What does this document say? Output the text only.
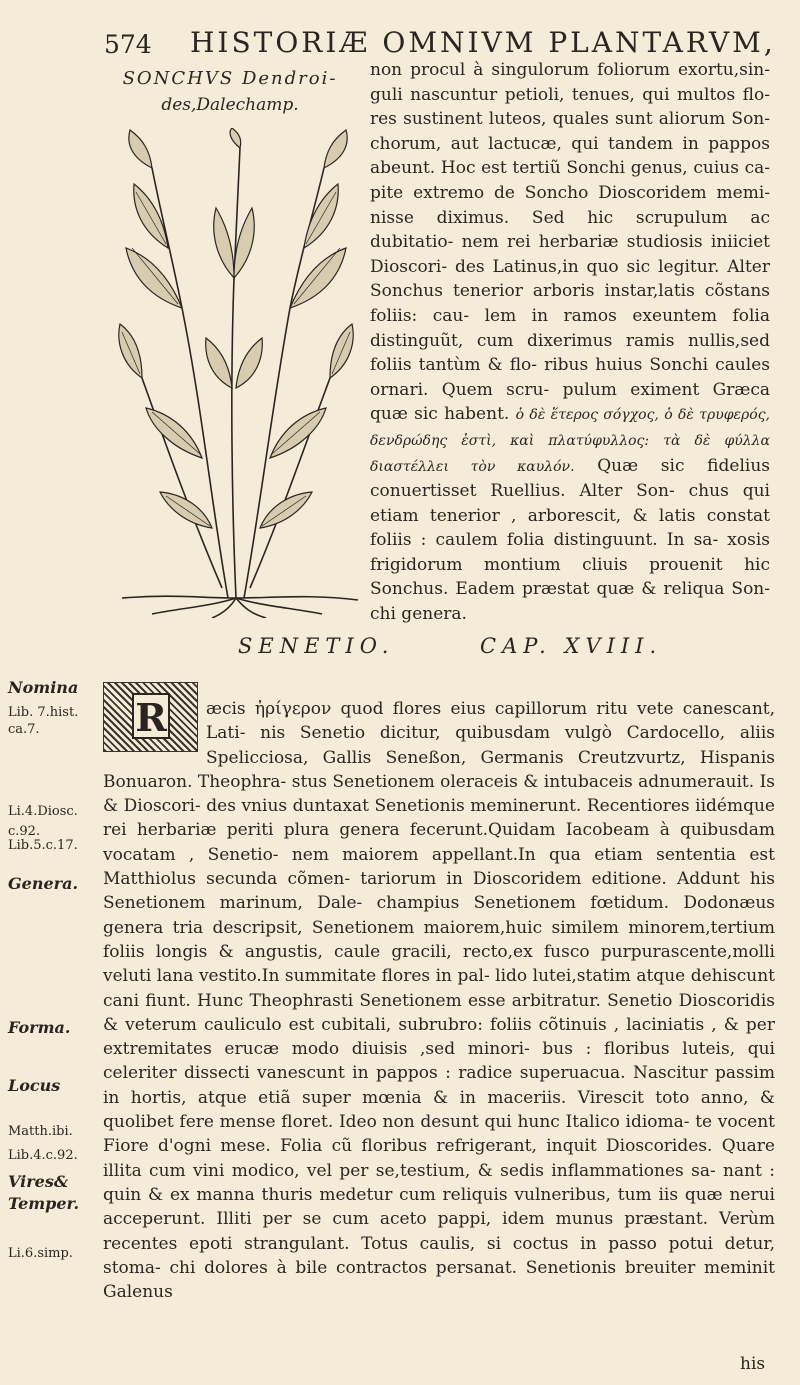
574 HISTORIÆ OMNIVM PLANTARVM,
SONCHVS Dendroi-
des,Dalechamp.

non procul à singulorum foliorum exortu,sin- guli nascuntur petioli, tenues, qui multos flo- res sustinent luteos, quales sunt aliorum Son- chorum, aut lactucæ, qui tandem in pappos abeunt. Hoc est tertiũ Sonchi genus, cuius ca- pite extremo de Soncho Dioscoridem memi- nisse diximus. Sed hic scrupulum ac dubitatio- nem rei herbariæ studiosis iniiciet Dioscori- des Latinus,in quo sic legitur. Alter Sonchus tenerior arboris instar,latis cõstans foliis: cau- lem in ramos exeuntem folia distinguũt, cum dixerimus ramis nullis,sed foliis tantùm & flo- ribus huius Sonchi caules ornari. Quem scru- pulum eximent Græca quæ sic habent. ὁ δὲ ἕτερος σόγχος, ὁ δὲ τρυφερός, δενδρώδης ἐστὶ, καὶ πλατύφυλλος: τὰ δὲ φύλλα διαστέλλει τὸν καυλόν. Quæ sic fidelius conuertisset Ruellius. Alter Son- chus qui etiam tenerior , arborescit, & latis constat foliis : caulem folia distinguunt. In sa- xosis frigidorum montium cliuis prouenit hic Sonchus. Eadem præstat quæ & reliqua Son- chi genera.

SENETIO.	CAP. XVIII.
Nomina
Lib. 7.hist.
ca.7.
Li.4.Diosc.
c.92.
Lib.5.c.17.
Genera.
Forma.
Locus
Matth.ibi.
Lib.4.c.92.
Vires&
Temper.
Li.6.simp.
R	æcis ἠρίγερον quod flores eius capillorum ritu vete canescant, Lati- nis Senetio dicitur, quibusdam vulgò Cardocello, aliis Spelicciosa, Gallis Seneßon, Germanis Creutzvurtz, Hispanis Bonuaron. Theophra- stus Senetionem oleraceis & intubaceis adnumerauit. Is & Dioscori- des vnius duntaxat Senetionis meminerunt. Recentiores iidémque rei herbariæ periti plura genera fecerunt.Quidam Iacobeam à quibusdam vocatam , Senetio- nem maiorem appellant.In qua etiam sententia est Matthiolus secunda cõmen- tariorum in Dioscoridem editione. Addunt his Senetionem marinum, Dale- champius Senetionem fœtidum. Dodonæus genera tria descripsit, Senetionem maiorem,huic similem minorem,tertium foliis longis & angustis, caule gracili, recto,ex fusco purpurascente,molli veluti lana vestito.In summitate flores in pal- lido lutei,statim atque dehiscunt cani fiunt. Hunc Theophrasti Senetionem esse arbitratur. Senetio Dioscoridis & veterum cauliculo est cubitali, subrubro: foliis cõtinuis , laciniatis , & per extremitates erucæ modo diuisis ,sed minori- bus : floribus luteis, qui celeriter dissecti vanescunt in pappos : radice superuacua. Nascitur passim in hortis, atque etiã super mœnia & in maceriis. Virescit toto anno, & quolibet fere mense floret. Ideo non desunt qui hunc Italico idioma- te vocent Fiore d'ogni mese. Folia cũ floribus refrigerant, inquit Dioscorides. Quare illita cum vini modico, vel per se,testium, & sedis inflammationes sa- nant : quin & ex manna thuris medetur cum reliquis vulneribus, tum iis quæ nerui acceperunt. Illiti per se cum aceto pappi, idem munus præstant. Verùm recentes epoti strangulant. Totus caulis, si coctus in passo potui detur, stoma- chi dolores à bile contractos persanat. Senetionis breuiter meminit Galenus

his
